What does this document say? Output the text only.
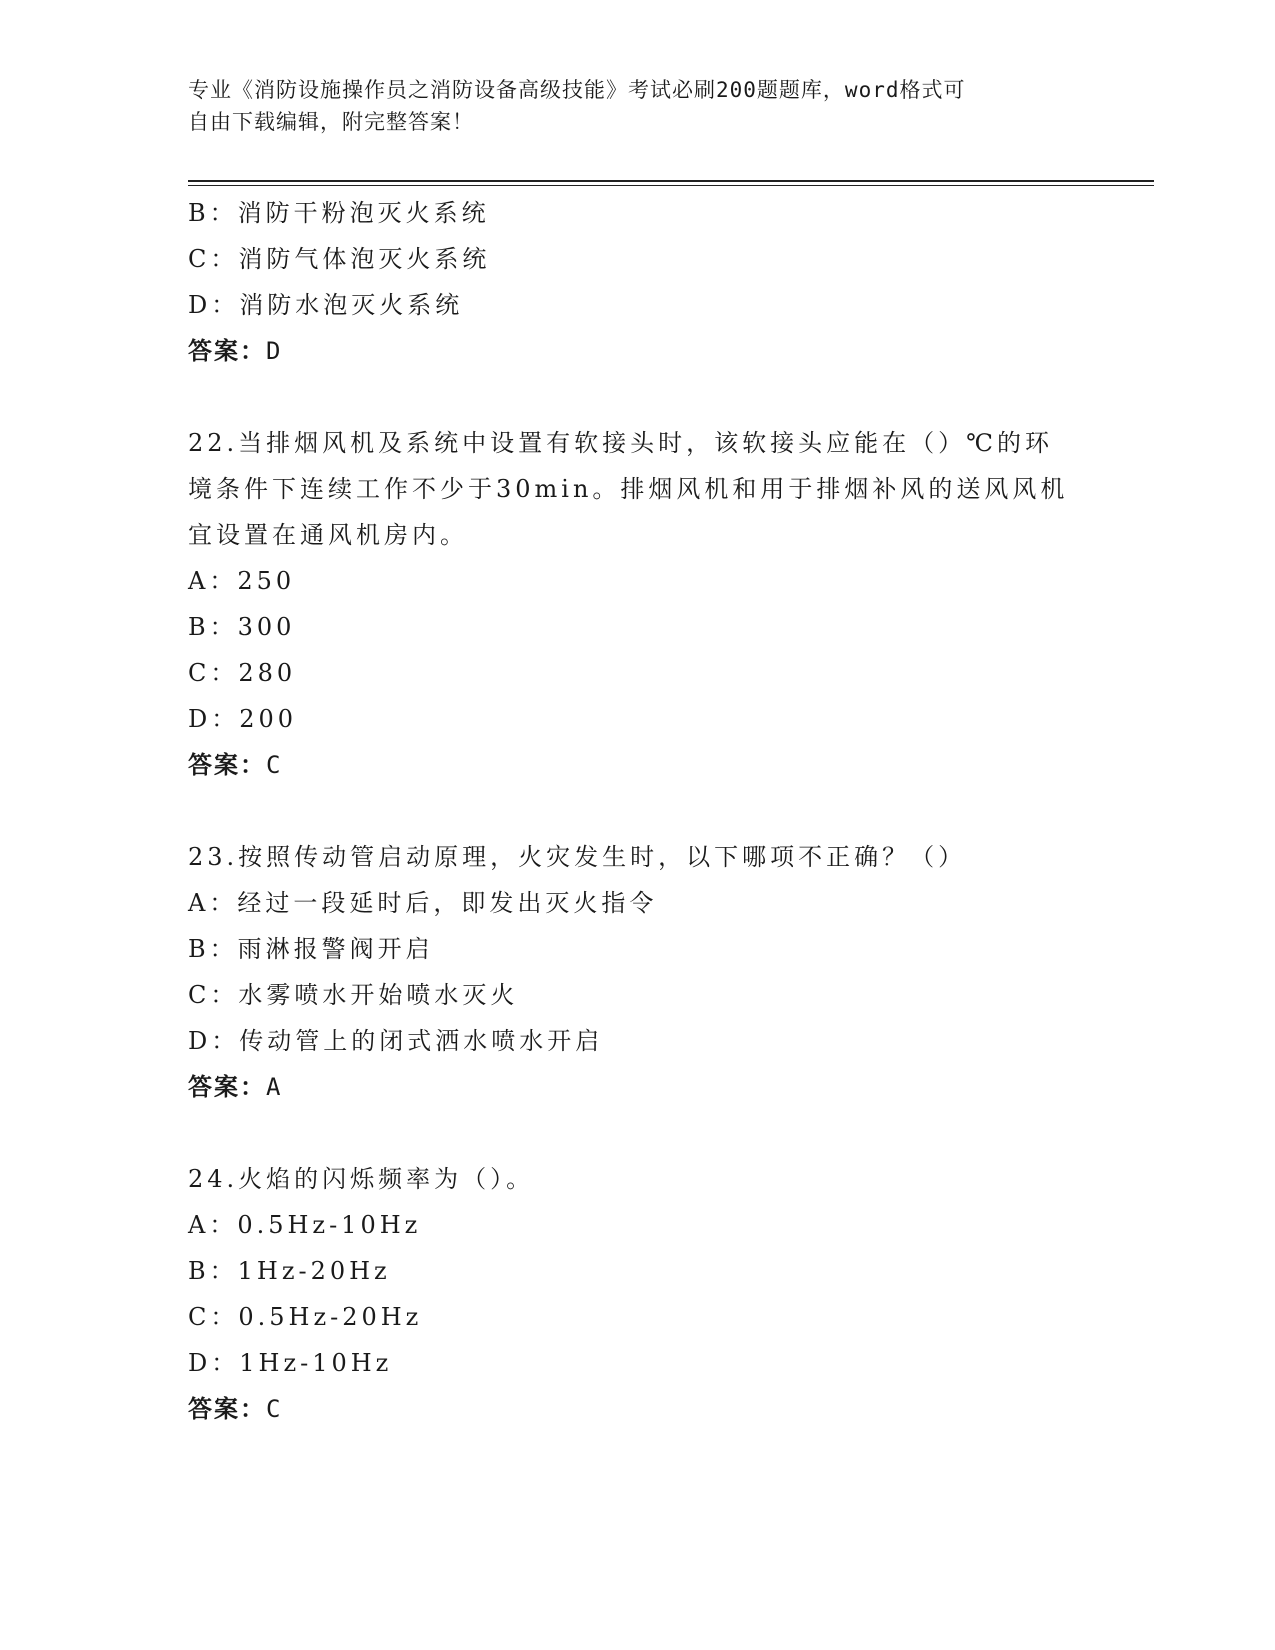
专业《消防设施操作员之消防设备高级技能》考试必刷200题题库，word格式可
自由下载编辑，附完整答案！
B：消防干粉泡灭火系统
C：消防气体泡灭火系统
D：消防水泡灭火系统
答案：D
22.当排烟风机及系统中设置有软接头时，该软接头应能在（）℃的环
境条件下连续工作不少于30min。排烟风机和用于排烟补风的送风风机
宜设置在通风机房内。
A：250
B：300
C：280
D：200
答案：C
23.按照传动管启动原理，火灾发生时，以下哪项不正确？（）
A：经过一段延时后，即发出灭火指令
B：雨淋报警阀开启
C：水雾喷水开始喷水灭火
D：传动管上的闭式洒水喷水开启
答案：A
24.火焰的闪烁频率为（）。
A：0.5Hz-10Hz
B：1Hz-20Hz
C：0.5Hz-20Hz
D：1Hz-10Hz
答案：C
